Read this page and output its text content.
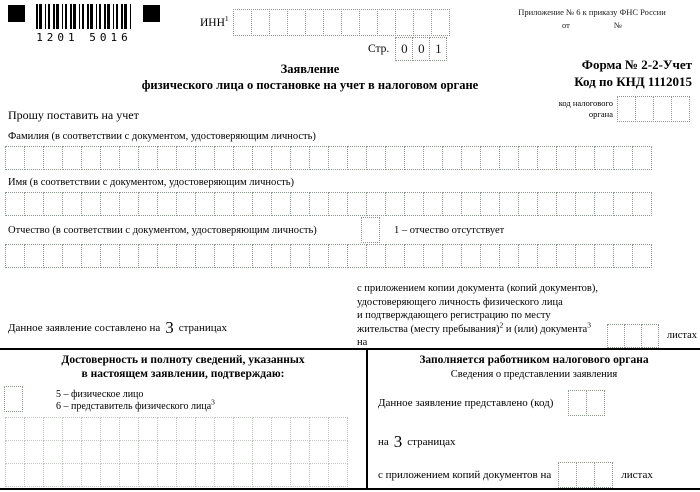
1201 5016
ИНН$^1$
Приложение № 6 к приказу ФНС России
от	№
Стр. 0 0 1
Заявление
физического лица о постановке на учет в налоговом органе
Форма № 2-2-Учет
Код по КНД 1112015
код налогового
органа
Прошу поставить на учет
Фамилия (в соответствии с документом, удостоверяющим личность)
Имя (в соответствии с документом, удостоверяющим личность)
Отчество (в соответствии с документом, удостоверяющим личность)	1 – отчество отсутствует
Данное заявление составлено на 3 страницах
с приложением копии документа (копий документов),
удостоверяющего личность физического лица
и подтверждающего регистрацию по месту
жительства (месту пребывания)$^2$ и (или) документа$^3$ на
листах
Достоверность и полноту сведений, указанных
в настоящем заявлении, подтверждаю:
5 – физическое лицо
6 – представитель физического лица$^3$
Заполняется работником налогового органа
Сведения о представлении заявления
Данное заявление представлено (код)
на 3 страницах
с приложением копий документов на	листах
